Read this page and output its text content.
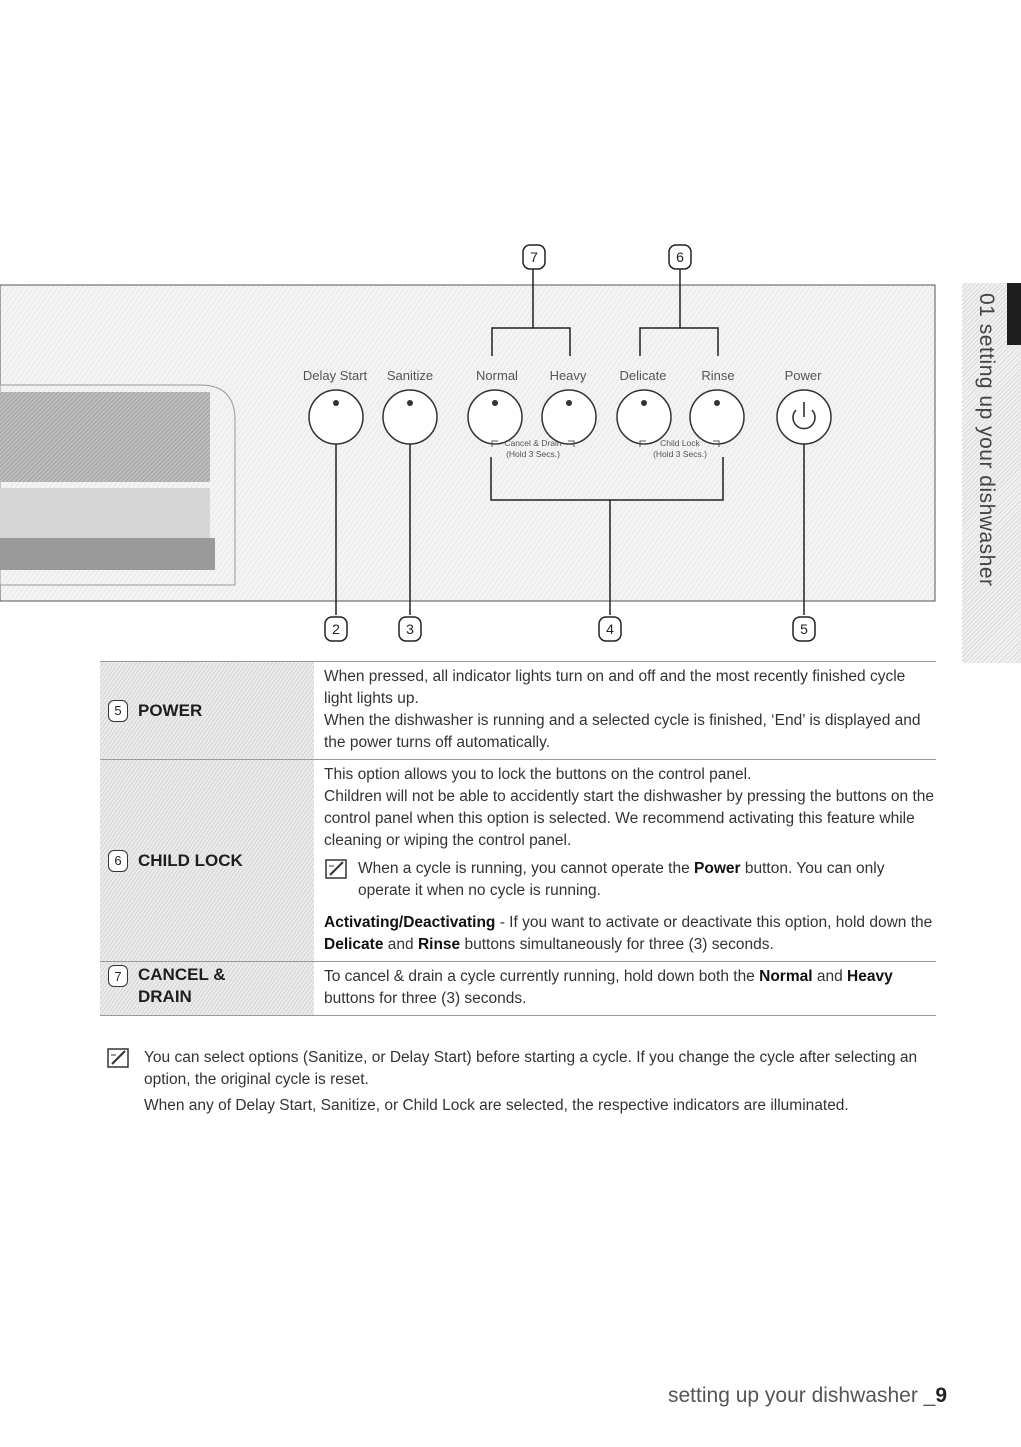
7	6
Delay Start Sanitize	Normal Heavy	Delicate	Rinse	Power
Cancel & Drain
(Hold 3 Secs.)
Child Lock
(Hold 3 Secs.)
2	3	4	5
01 setting up your dishwasher
5 POWER

When pressed, all indicator lights turn on and off and the most recently finished cycle light lights up.

When the dishwasher is running and a selected cycle is finished, ‘End’ is displayed and the power turns off automatically.

6 CHILD LOCK

This option allows you to lock the buttons on the control panel.

Children will not be able to accidently start the dishwasher by pressing the buttons on the control panel when this option is selected. We recommend activating this feature while cleaning or wiping the control panel.

When a cycle is running, you cannot operate the Power button. You can only operate it when no cycle is running.

Activating/Deactivating - If you want to activate or deactivate this option, hold down the Delicate and Rinse buttons simultaneously for three (3) seconds.

7 CANCEL &
DRAIN

To cancel & drain a cycle currently running, hold down both the Normal and Heavy buttons for three (3) seconds.

You can select options (Sanitize, or Delay Start) before starting a cycle. If you change the cycle after selecting an option, the original cycle is reset.
When any of Delay Start, Sanitize, or Child Lock are selected, the respective indicators are illuminated.
setting up your dishwasher _9
